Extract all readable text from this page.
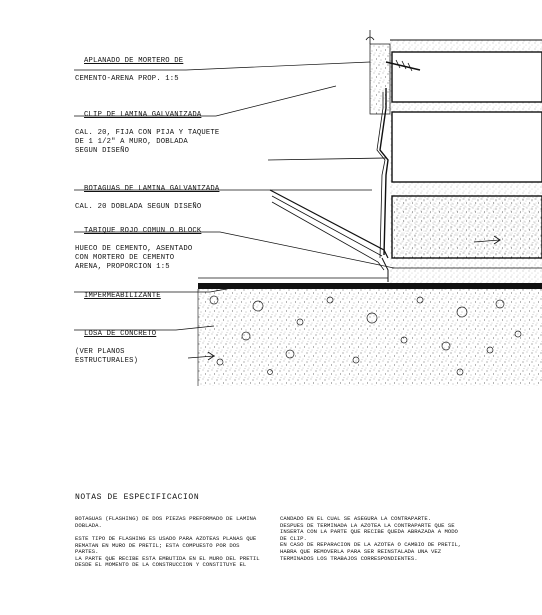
APLANADO DE MORTERO DE

CEMENTO-ARENA PROP. 1:5

CLIP DE LAMINA GALVANIZADA

CAL. 20, FIJA CON PIJA Y TAQUETE
DE 1 1/2" A MURO, DOBLADA
SEGUN DISEÑO

BOTAGUAS DE LAMINA GALVANIZADA

CAL. 20 DOBLADA SEGUN DISEÑO

TABIQUE ROJO COMUN O BLOCK

HUECO DE CEMENTO, ASENTADO
CON MORTERO DE CEMENTO
ARENA, PROPORCION 1:5

IMPERMEABILIZANTE

LOSA DE CONCRETO

(VER PLANOS
ESTRUCTURALES)

NOTAS DE ESPECIFICACION
BOTAGUAS (FLASHING) DE DOS PIEZAS PREFORMADO DE LAMINA
DOBLADA.
ESTE TIPO DE FLASHING ES USADO PARA AZOTEAS PLANAS QUE
REMATAN EN MURO DE PRETIL; ESTA COMPUESTO POR DOS
PARTES.
LA PARTE QUE RECIBE ESTA EMBUTIDA EN EL MURO DEL PRETIL
DESDE EL MOMENTO DE LA CONSTRUCCION Y CONSTITUYE EL
CANDADO EN EL CUAL SE ASEGURA LA CONTRAPARTE.
DESPUES DE TERMINADA LA AZOTEA LA CONTRAPARTE QUE SE
INSERTA CON LA PARTE QUE RECIBE QUEDA ABRAZADA A MODO
DE CLIP.
EN CASO DE REPARACION DE LA AZOTEA O CAMBIO DE PRETIL,
HABRA QUE REMOVERLA PARA SER REINSTALADA UNA VEZ
TERMINADOS LOS TRABAJOS CORRESPONDIENTES.
